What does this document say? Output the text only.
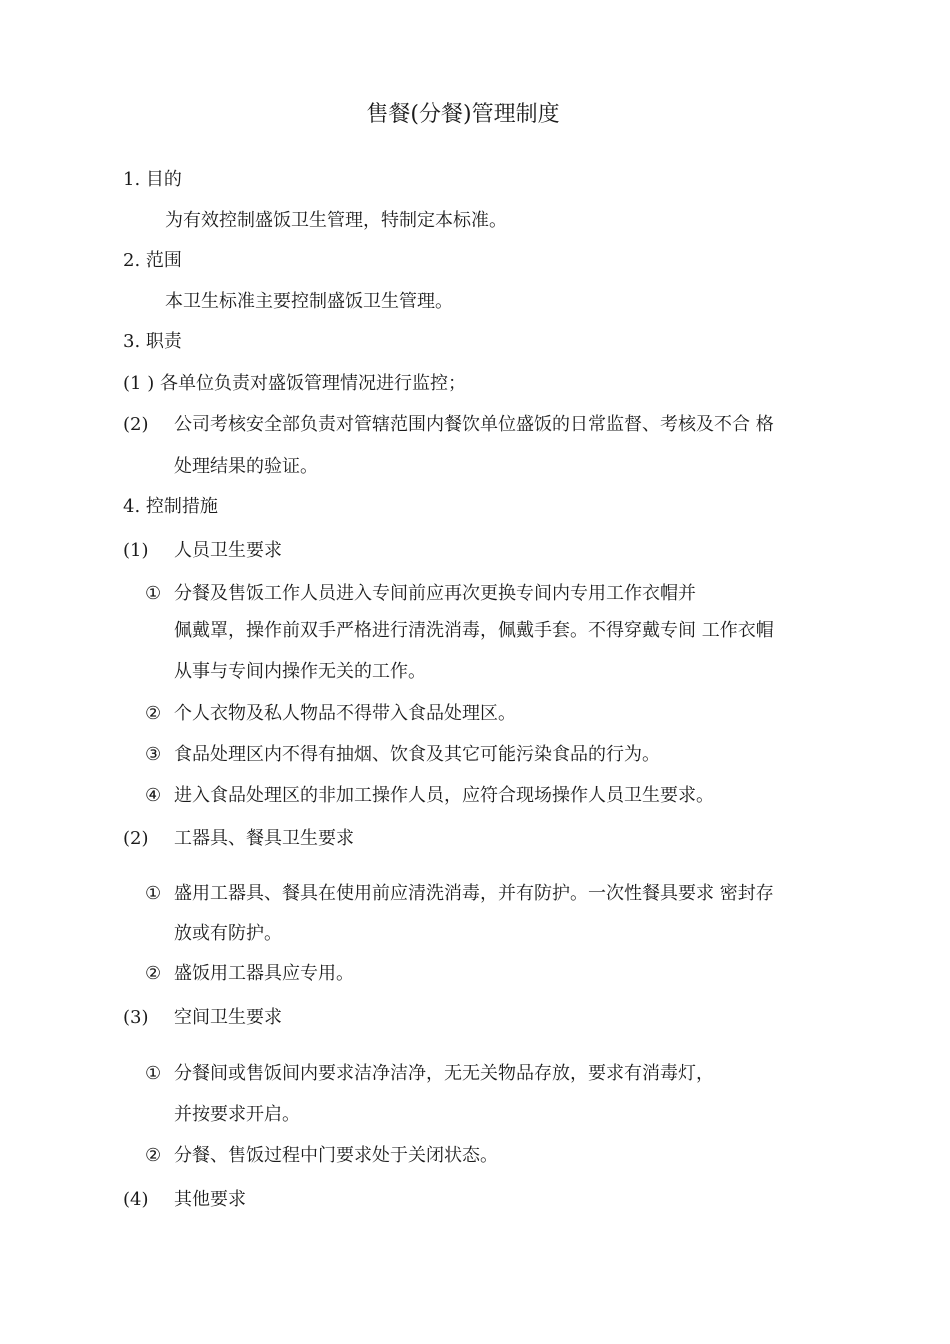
售餐(分餐)管理制度
1. 目的
为有效控制盛饭卫生管理，特制定本标准。
2. 范围
本卫生标准主要控制盛饭卫生管理。
3. 职责
(1 ) 各单位负责对盛饭管理情况进行监控；
(2) 公司考核安全部负责对管辖范围内餐饮单位盛饭的日常监督、考核及不合 格
处理结果的验证。
4. 控制措施
(1) 人员卫生要求
① 分餐及售饭工作人员进入专间前应再次更换专间内专用工作衣帽并
佩戴罩，操作前双手严格进行清洗消毒，佩戴手套。不得穿戴专间 工作衣帽
从事与专间内操作无关的工作。
② 个人衣物及私人物品不得带入食品处理区。
③ 食品处理区内不得有抽烟、饮食及其它可能污染食品的行为。
④ 进入食品处理区的非加工操作人员，应符合现场操作人员卫生要求。
(2) 工器具、餐具卫生要求
① 盛用工器具、餐具在使用前应清洗消毒，并有防护。一次性餐具要求 密封存
放或有防护。
② 盛饭用工器具应专用。
(3) 空间卫生要求
① 分餐间或售饭间内要求洁净洁净，无无关物品存放，要求有消毒灯，
并按要求开启。
② 分餐、售饭过程中门要求处于关闭状态。
(4) 其他要求
